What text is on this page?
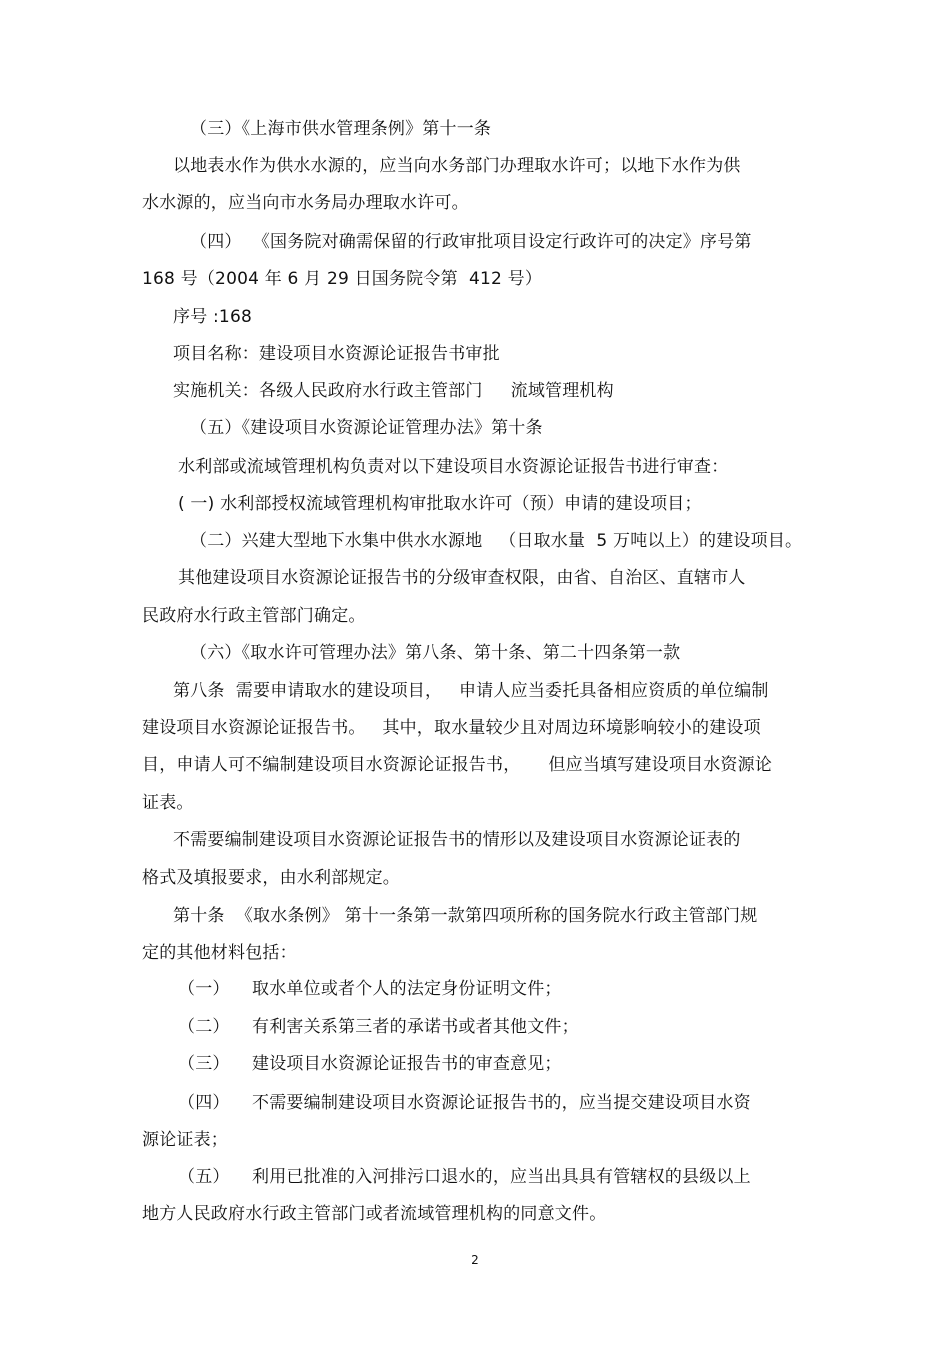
（三）《上海市供水管理条例》第十一条
以地表水作为供水水源的，应当向水务部门办理取水许可；以地下水作为供
水水源的，应当向市水务局办理取水许可。
（四）  《国务院对确需保留的行政审批项目设定行政许可的决定》序号第
168 号（2004 年 6 月 29 日国务院令第  412 号）
序号 :168
项目名称：建设项目水资源论证报告书审批
实施机关：各级人民政府水行政主管部门     流域管理机构
（五）《建设项目水资源论证管理办法》第十条
水利部或流域管理机构负责对以下建设项目水资源论证报告书进行审查：
( 一) 水利部授权流域管理机构审批取水许可（预）申请的建设项目；
（二）兴建大型地下水集中供水水源地   （日取水量  5 万吨以上）的建设项目。
其他建设项目水资源论证报告书的分级审查权限，由省、自治区、直辖市人
民政府水行政主管部门确定。
（六）《取水许可管理办法》第八条、第十条、第二十四条第一款
第八条  需要申请取水的建设项目，   申请人应当委托具备相应资质的单位编制
建设项目水资源论证报告书。   其中，取水量较少且对周边环境影响较小的建设项
目，申请人可不编制建设项目水资源论证报告书，     但应当填写建设项目水资源论
证表。
不需要编制建设项目水资源论证报告书的情形以及建设项目水资源论证表的
格式及填报要求，由水利部规定。
第十条  《取水条例》 第十一条第一款第四项所称的国务院水行政主管部门规
定的其他材料包括：
（一）    取水单位或者个人的法定身份证明文件；
（二）    有利害关系第三者的承诺书或者其他文件；
（三）    建设项目水资源论证报告书的审查意见；
（四）    不需要编制建设项目水资源论证报告书的，应当提交建设项目水资
源论证表；
（五）    利用已批准的入河排污口退水的，应当出具具有管辖权的县级以上
地方人民政府水行政主管部门或者流域管理机构的同意文件。
2
